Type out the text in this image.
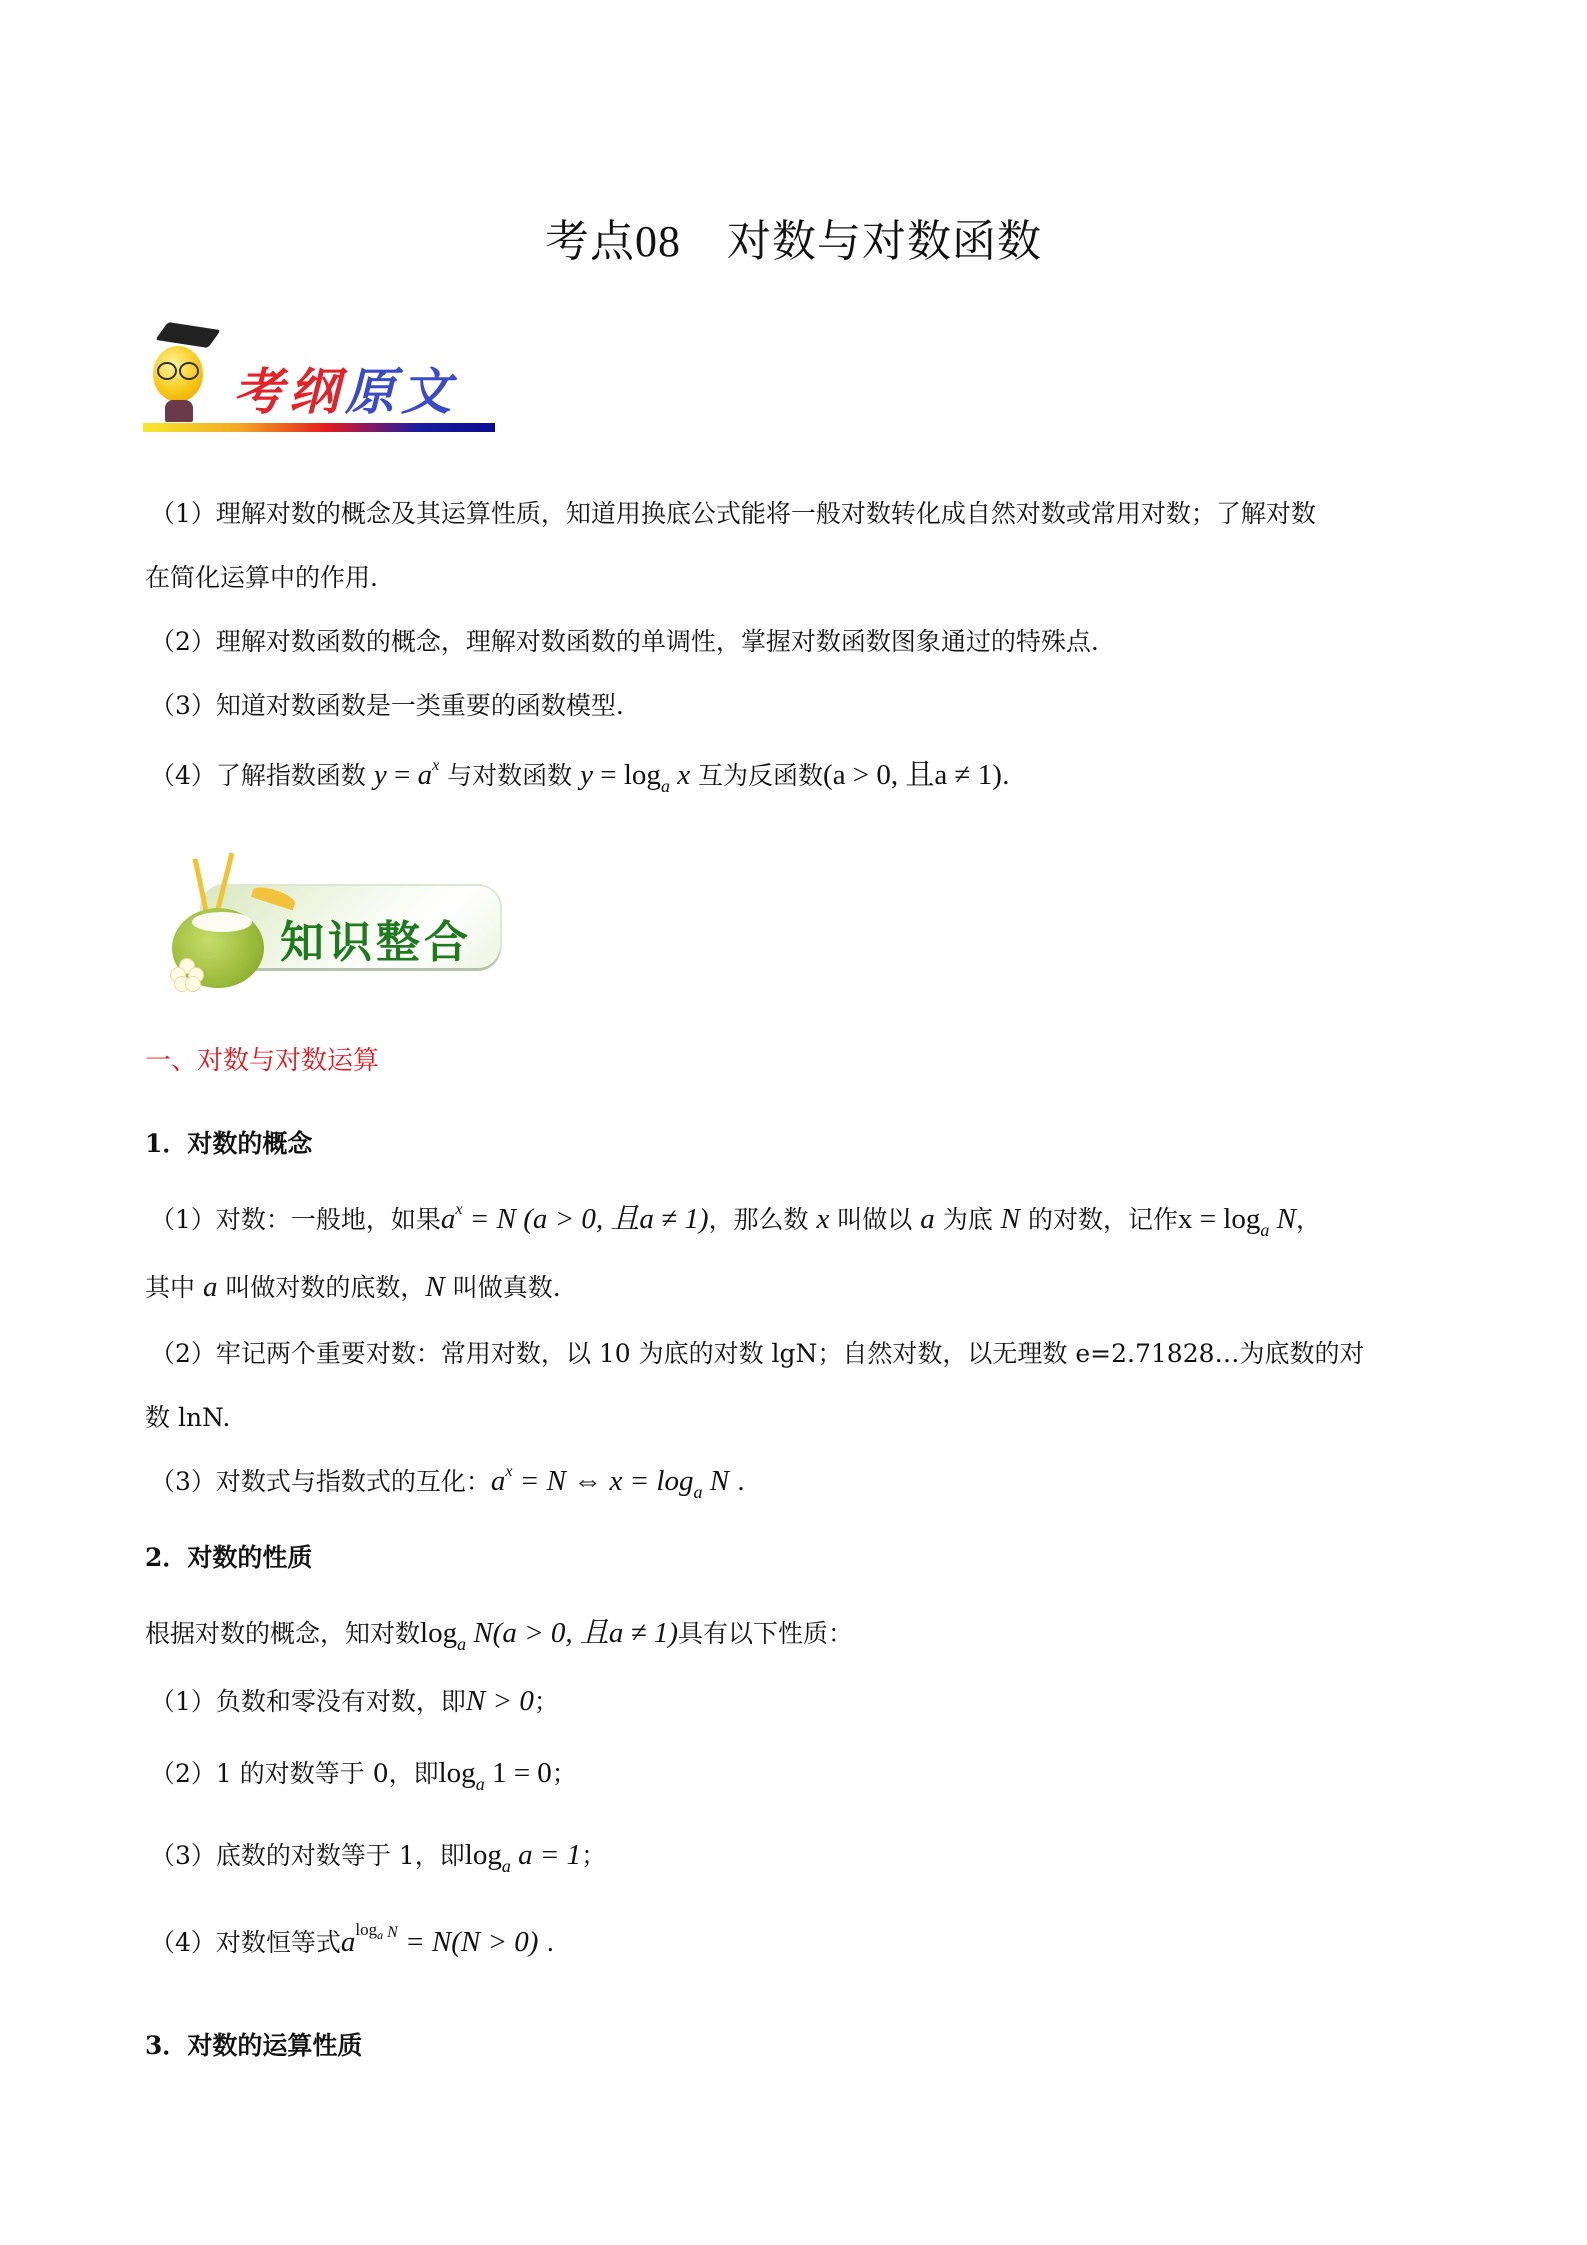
考点08 对数与对数函数
考纲原文
（1）理解对数的概念及其运算性质，知道用换底公式能将一般对数转化成自然对数或常用对数；了解对数
在简化运算中的作用.
（2）理解对数函数的概念，理解对数函数的单调性，掌握对数函数图象通过的特殊点.
（3）知道对数函数是一类重要的函数模型.
（4）了解指数函数 $y = a^x$ 与对数函数 $y = \log_a x$ 互为反函数(a > 0, 且a ≠ 1).
知识整合
一、对数与对数运算
1．对数的概念
（1）对数：一般地，如果$a^x = N$ (a > 0, 且a ≠ 1)，那么数 x 叫做以 a 为底 N 的对数，记作$x = \log_a N$，
其中 a 叫做对数的底数，N 叫做真数.
（2）牢记两个重要对数：常用对数，以 10 为底的对数 lgN；自然对数，以无理数 e=2.71828…为底数的对
数 lnN.
（3）对数式与指数式的互化：$a^x = N$ ⇔ $x = \log_a N$ .
2．对数的性质
根据对数的概念，知对数$\log_a N(a > 0$, 且a ≠ 1)具有以下性质：
（1）负数和零没有对数，即N > 0；
（2）1 的对数等于 0，即$\log_a 1 = 0$；
（3）底数的对数等于 1，即$\log_a a = 1$；
（4）对数恒等式$a^{loga}$ $^N$ = N(N > 0) .
3．对数的运算性质
